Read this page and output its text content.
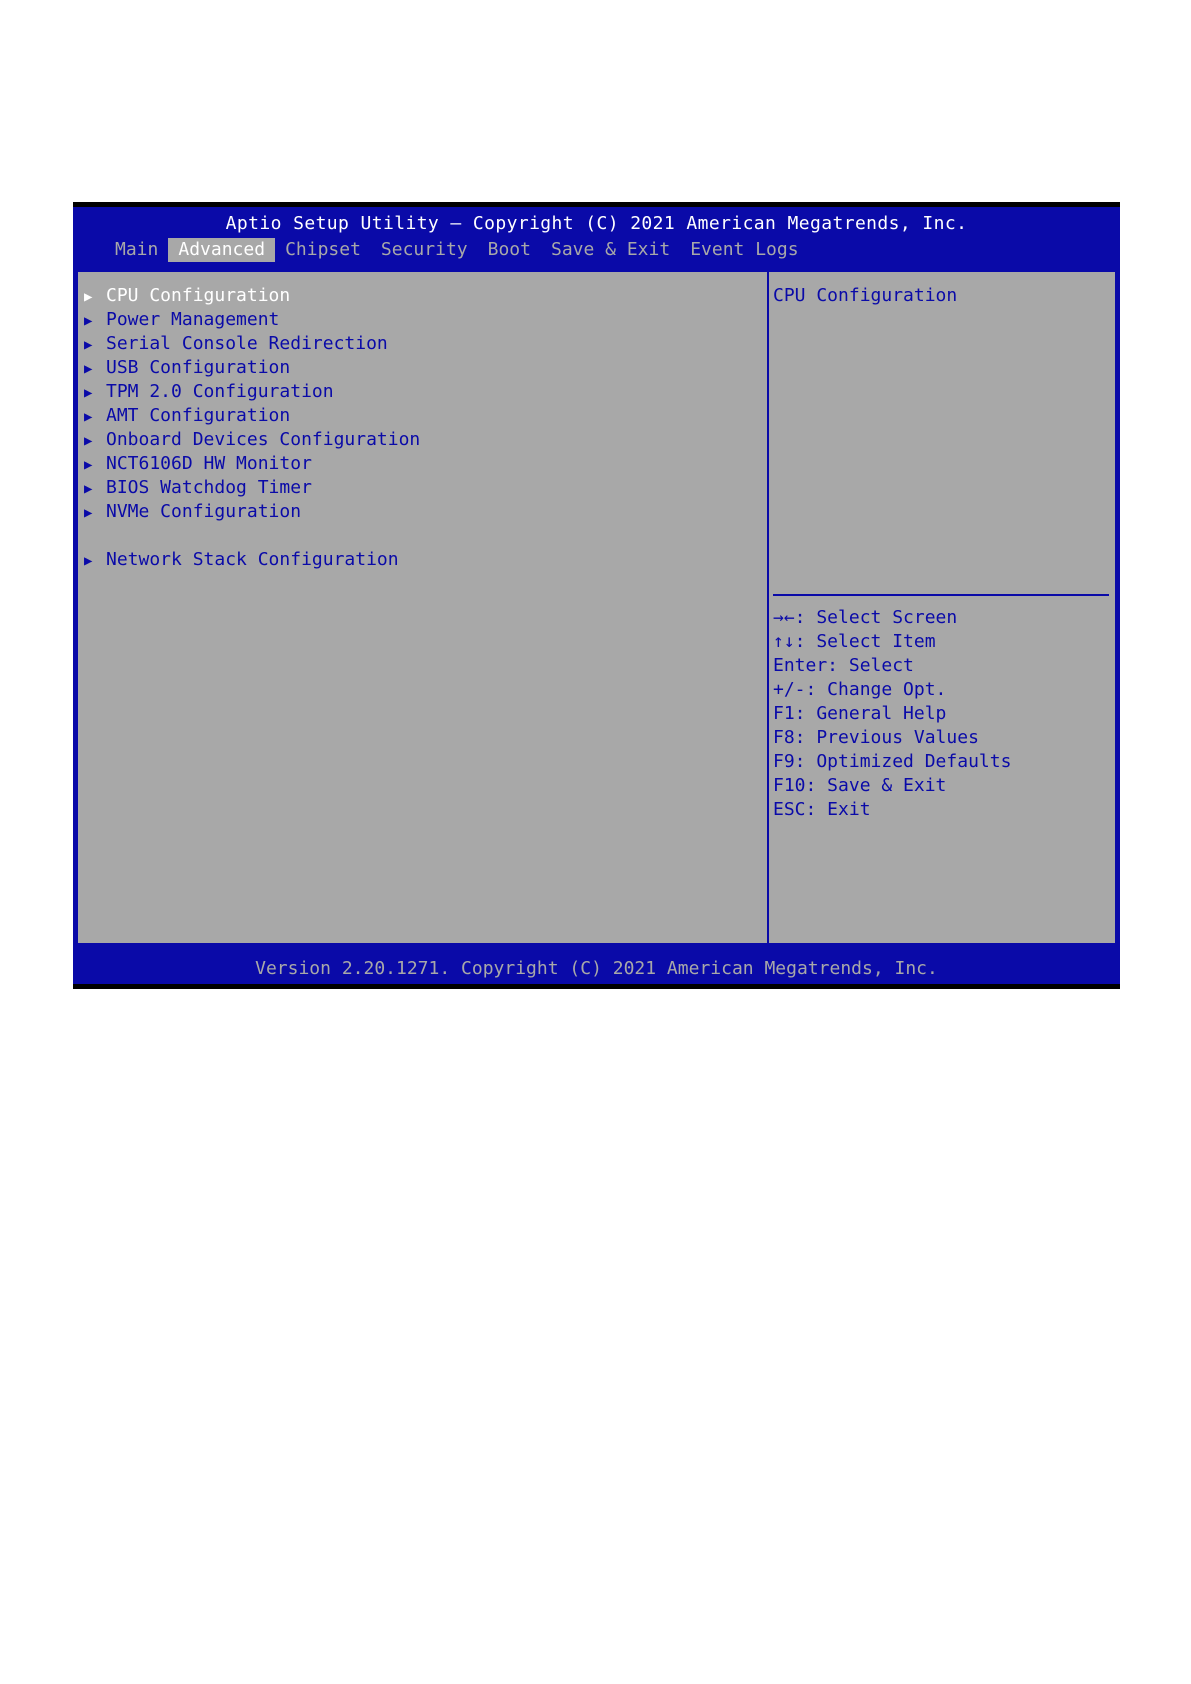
Aptio Setup Utility – Copyright (C) 2021 American Megatrends, Inc.
Main	Advanced	Chipset	Security	Boot	Save & Exit	Event Logs
▶ CPU Configuration
▶ Power Management
▶ Serial Console Redirection
▶ USB Configuration
▶ TPM 2.0 Configuration
▶ AMT Configuration
▶ Onboard Devices Configuration
▶ NCT6106D HW Monitor
▶ BIOS Watchdog Timer
▶ NVMe Configuration
▶ Network Stack Configuration
CPU Configuration
→←: Select Screen
↑↓: Select Item
Enter: Select
+/-: Change Opt.
F1: General Help
F8: Previous Values
F9: Optimized Defaults
F10: Save & Exit
ESC: Exit
Version 2.20.1271. Copyright (C) 2021 American Megatrends, Inc.
